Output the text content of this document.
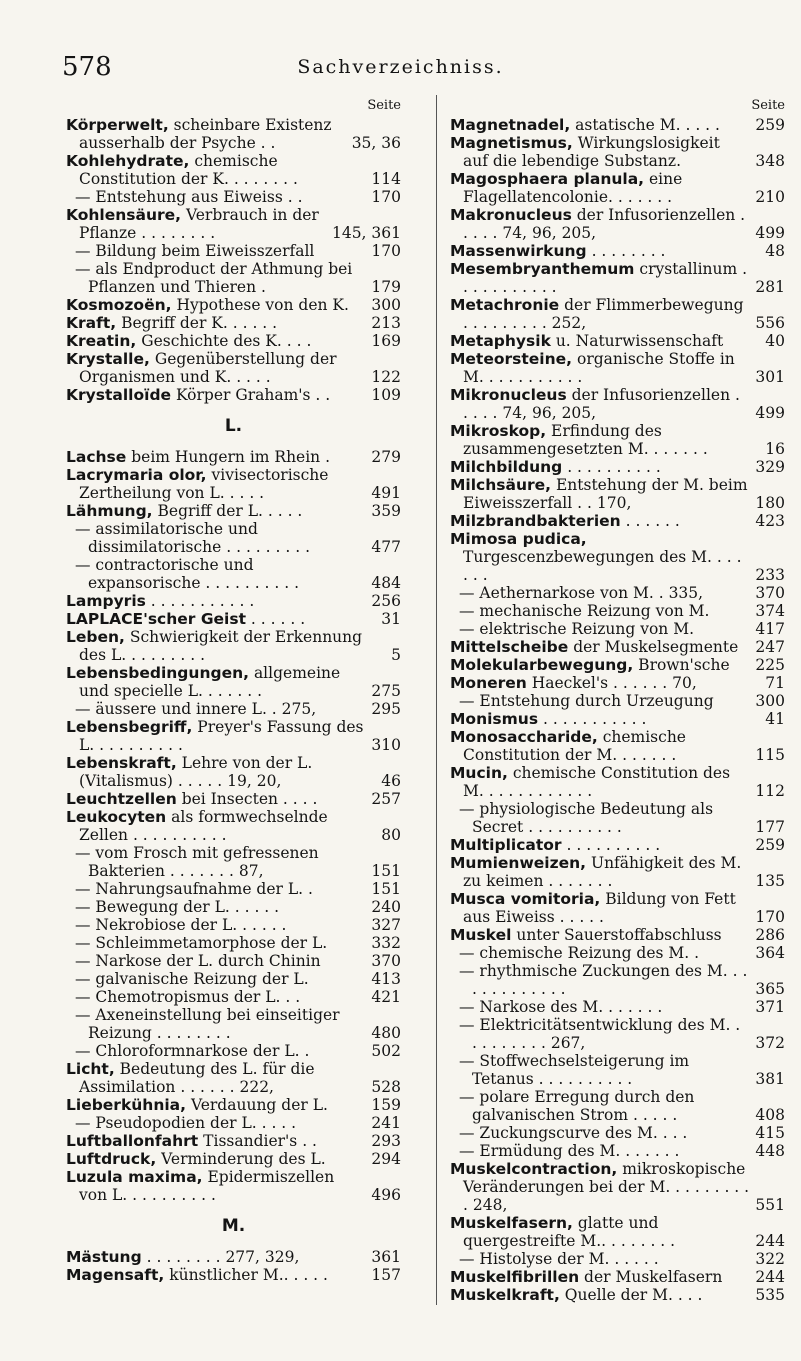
578	Sachverzeichniss.
Seite
Körperwelt, scheinbare Existenz ausserhalb der Psyche . .	35, 36
Kohlehydrate, chemische Constitution der K. . . . . . . .	114
— Entstehung aus Eiweiss . .	170
Kohlensäure, Verbrauch in der Pflanze . . . . . . . .	145, 361
— Bildung beim Eiweisszerfall	170
— als Endproduct der Athmung bei Pflanzen und Thieren .	179
Kosmozoën, Hypothese von den K.	300
Kraft, Begriff der K. . . . . .	213
Kreatin, Geschichte des K. . . .	169
Krystalle, Gegenüberstellung der Organismen und K. . . . .	122
Krystalloïde Körper Graham's . .	109
L.
Lachse beim Hungern im Rhein .	279
Lacrymaria olor, vivisectorische Zertheilung von L. . . . .	491
Lähmung, Begriff der L. . . . .	359
— assimilatorische und dissimilatorische . . . . . . . . .	477
— contractorische und expansorische . . . . . . . . . .	484
Lampyris . . . . . . . . . . .	256
LAPLACE'scher Geist . . . . . .	31
Leben, Schwierigkeit der Erkennung des L. . . . . . . . .	5
Lebensbedingungen, allgemeine und specielle L. . . . . . .	275
— äussere und innere L. . 275,	295
Lebensbegriff, Preyer's Fassung des L. . . . . . . . . .	310
Lebenskraft, Lehre von der L. (Vitalismus) . . . . . 19, 20,	46
Leuchtzellen bei Insecten . . . .	257
Leukocyten als formwechselnde Zellen . . . . . . . . . .	80
— vom Frosch mit gefressenen Bakterien . . . . . . . 87,	151
— Nahrungsaufnahme der L. .	151
— Bewegung der L. . . . . .	240
— Nekrobiose der L. . . . . .	327
— Schleimmetamorphose der L.	332
— Narkose der L. durch Chinin	370
— galvanische Reizung der L.	413
— Chemotropismus der L. . .	421
— Axeneinstellung bei einseitiger Reizung . . . . . . . .	480
— Chloroformnarkose der L. .	502
Licht, Bedeutung des L. für die Assimilation . . . . . . 222,	528
Lieberkühnia, Verdauung der L.	159
— Pseudopodien der L. . . . .	241
Luftballonfahrt Tissandier's . .	293
Luftdruck, Verminderung des L.	294
Luzula maxima, Epidermiszellen von L. . . . . . . . . .	496
M.
Mästung . . . . . . . . 277, 329,	361
Magensaft, künstlicher M.. . . . .	157
Seite
Magnetnadel, astatische M. . . . .	259
Magnetismus, Wirkungslosigkeit auf die lebendige Substanz.	348
Magosphaera planula, eine Flagellatencolonie. . . . . . .	210
Makronucleus der Infusorienzellen . . . . . 74, 96, 205,	499
Massenwirkung . . . . . . . .	48
Mesembryanthemum crystallinum . . . . . . . . . . .	281
Metachronie der Flimmerbewegung . . . . . . . . . 252,	556
Metaphysik u. Naturwissenschaft	40
Meteorsteine, organische Stoffe in M. . . . . . . . . . .	301
Mikronucleus der Infusorienzellen . . . . . 74, 96, 205,	499
Mikroskop, Erfindung des zusammengesetzten M. . . . . . .	16
Milchbildung . . . . . . . . . .	329
Milchsäure, Entstehung der M. beim Eiweisszerfall . . 170,	180
Milzbrandbakterien . . . . . .	423
Mimosa pudica, Turgescenzbewegungen des M. . . . . . .	233
— Aethernarkose von M. . 335,	370
— mechanische Reizung von M.	374
— elektrische Reizung von M.	417
Mittelscheibe der Muskelsegmente	247
Molekularbewegung, Brown'sche	225
Moneren Haeckel's . . . . . . 70,	71
— Entstehung durch Urzeugung	300
Monismus . . . . . . . . . . .	41
Monosaccharide, chemische Constitution der M. . . . . . .	115
Mucin, chemische Constitution des M. . . . . . . . . . . .	112
— physiologische Bedeutung als Secret . . . . . . . . . .	177
Multiplicator . . . . . . . . . .	259
Mumienweizen, Unfähigkeit des M. zu keimen . . . . . . .	135
Musca vomitoria, Bildung von Fett aus Eiweiss . . . . .	170
Muskel unter Sauerstoffabschluss	286
— chemische Reizung des M. .	364
— rhythmische Zuckungen des M. . . . . . . . . . . . .	365
— Narkose des M. . . . . . .	371
— Elektricitätsentwicklung des M. . . . . . . . . . 267,	372
— Stoffwechselsteigerung im Tetanus . . . . . . . . . .	381
— polare Erregung durch den galvanischen Strom . . . . .	408
— Zuckungscurve des M. . . .	415
— Ermüdung des M. . . . . . .	448
Muskelcontraction, mikroskopische Veränderungen bei der M. . . . . . . . . . 248,	551
Muskelfasern, glatte und quergestreifte M.. . . . . . . .	244
— Histolyse der M. . . . . .	322
Muskelfibrillen der Muskelfasern	244
Muskelkraft, Quelle der M. . . .	535
